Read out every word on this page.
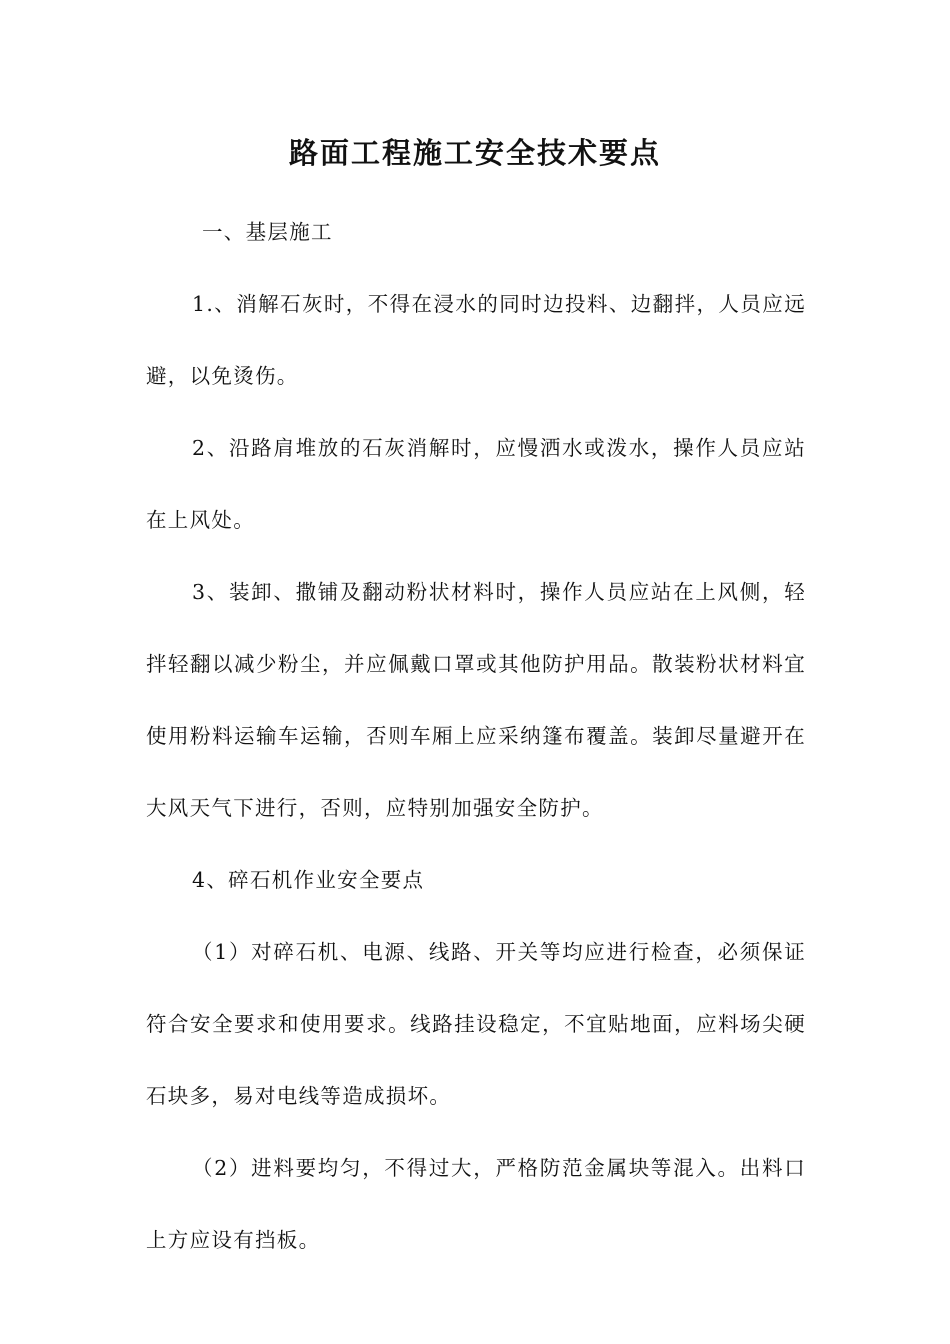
路面工程施工安全技术要点

一、基层施工

1.、消解石灰时，不得在浸水的同时边投料、边翻拌，人员应远避，以免烫伤。

2、沿路肩堆放的石灰消解时，应慢洒水或泼水，操作人员应站在上风处。

3、装卸、撒铺及翻动粉状材料时，操作人员应站在上风侧，轻拌轻翻以减少粉尘，并应佩戴口罩或其他防护用品。散装粉状材料宜使用粉料运输车运输，否则车厢上应采纳篷布覆盖。装卸尽量避开在大风天气下进行，否则，应特别加强安全防护。

4、碎石机作业安全要点

（1）对碎石机、电源、线路、开关等均应进行检查，必须保证符合安全要求和使用要求。线路挂设稳定，不宜贴地面，应料场尖硬石块多，易对电线等造成损坏。

（2）进料要均匀，不得过大，严格防范金属块等混入。出料口上方应设有挡板。
